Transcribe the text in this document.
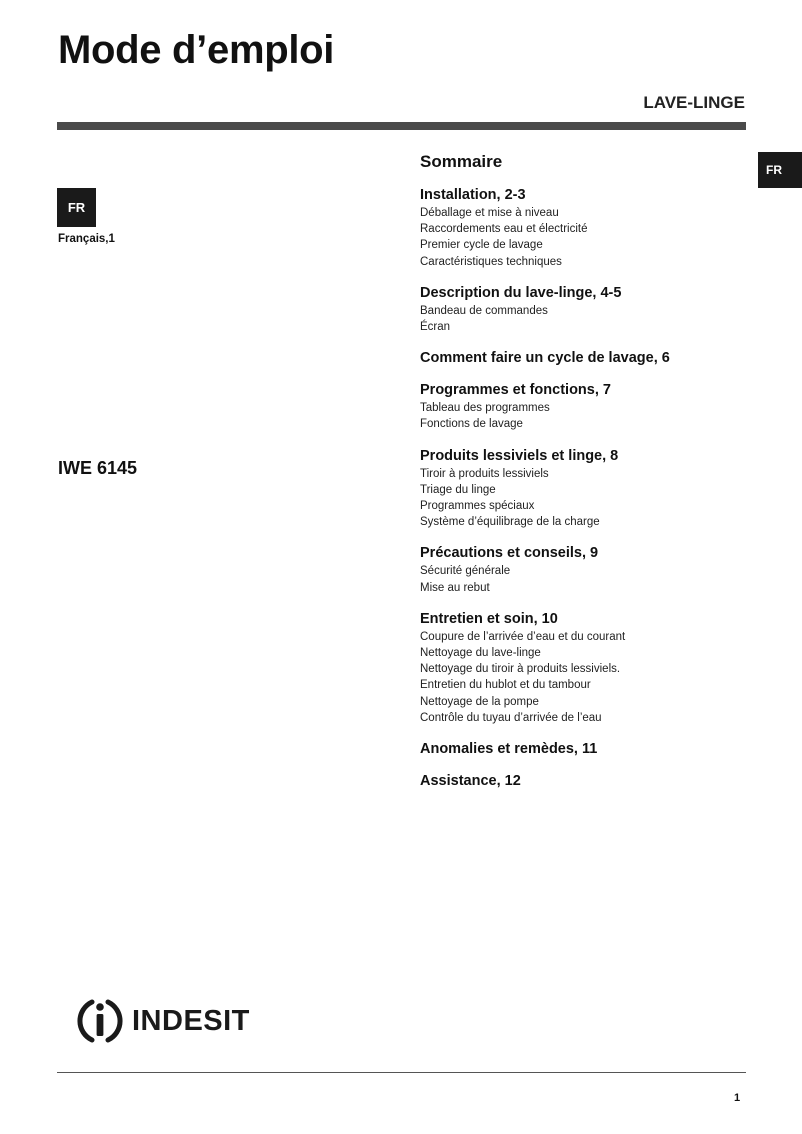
Mode d’emploi
LAVE-LINGE
FR
FR
Français,1
IWE 6145
Sommaire
Installation, 2-3
Déballage et mise à niveau
Raccordements eau et électricité
Premier cycle de lavage
Caractéristiques techniques
Description du lave-linge, 4-5
Bandeau de commandes
Écran
Comment faire un cycle de lavage, 6
Programmes et fonctions, 7
Tableau des programmes
Fonctions de lavage
Produits lessiviels et linge, 8
Tiroir à produits lessiviels
Triage du linge
Programmes spéciaux
Système d’équilibrage de la charge
Précautions et conseils, 9
Sécurité générale
Mise au rebut
Entretien et soin, 10
Coupure de l’arrivée d’eau et du courant
Nettoyage du lave-linge
Nettoyage du tiroir à produits lessiviels.
Entretien du hublot et du tambour
Nettoyage de la pompe
Contrôle du tuyau d’arrivée de l’eau
Anomalies et remèdes, 11
Assistance, 12
INDESIT
1
